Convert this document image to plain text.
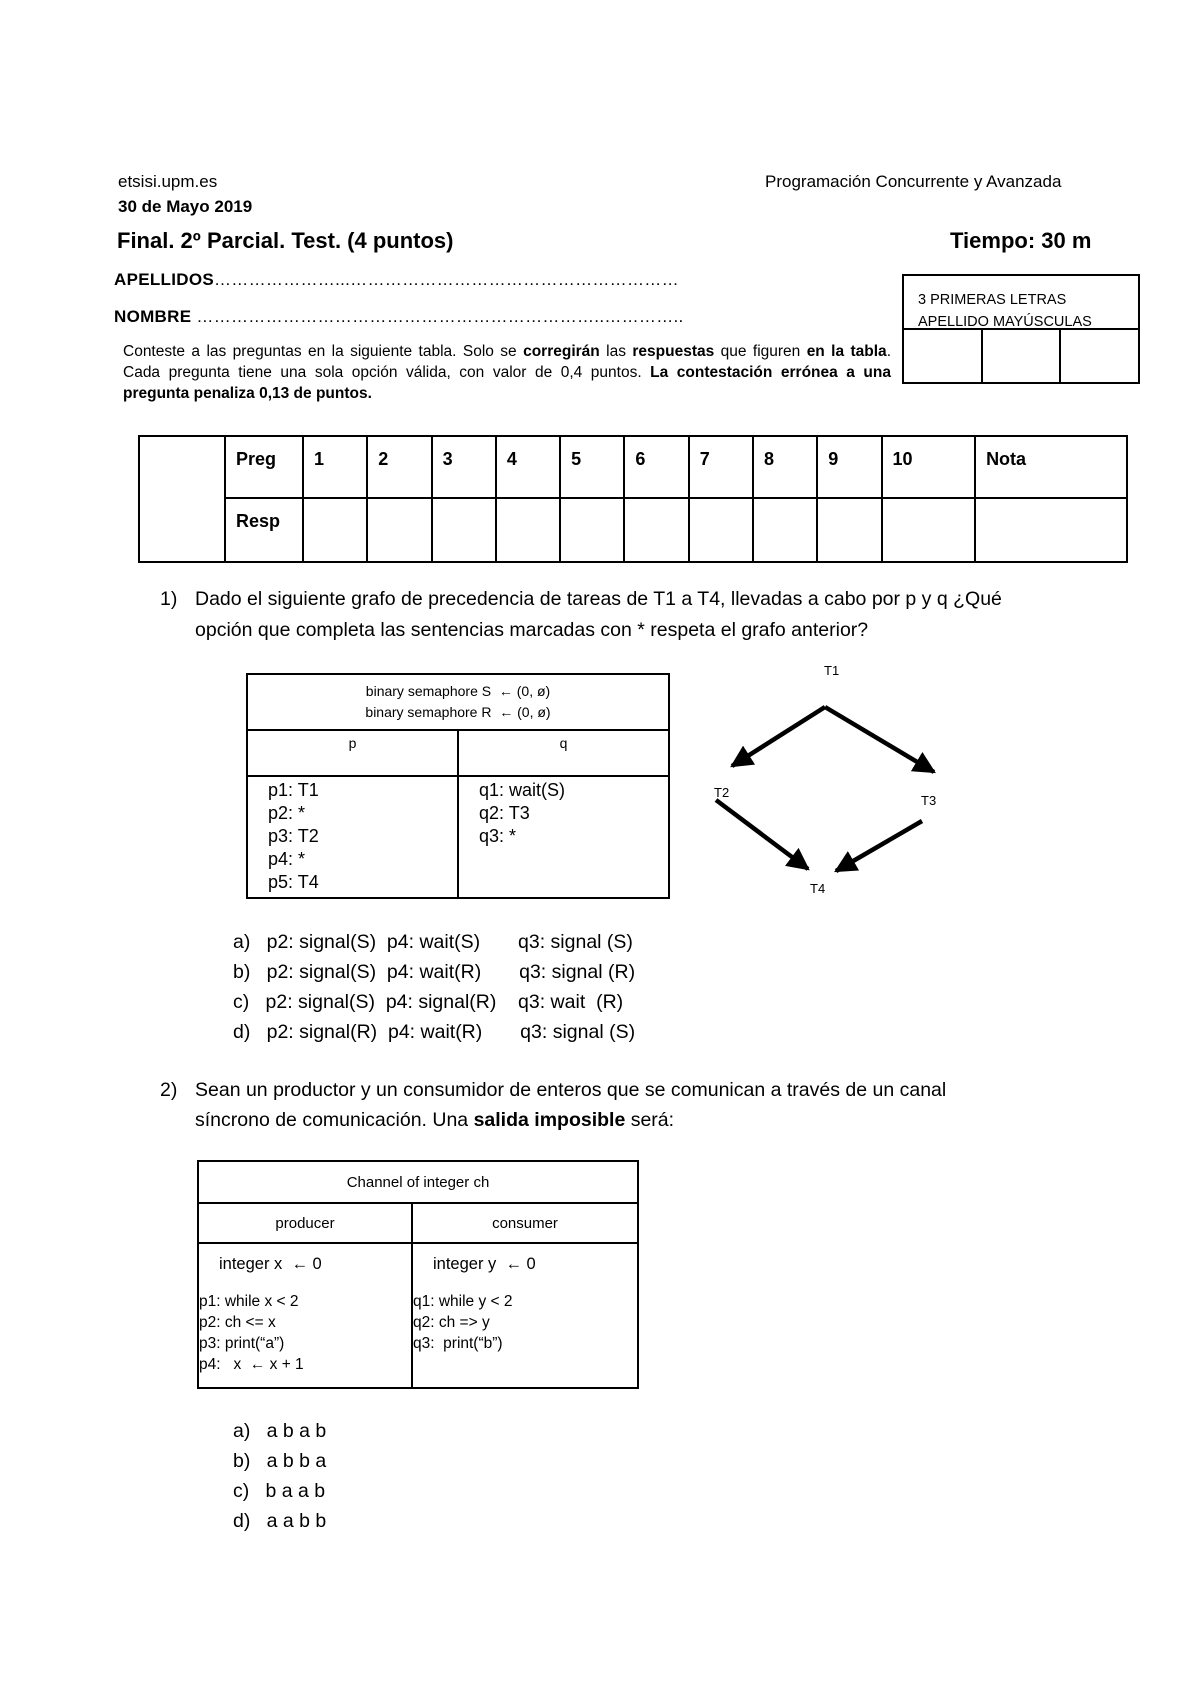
etsisi.upm.es	Programación Concurrente y Avanzada
30 de Mayo 2019
Final. 2º Parcial. Test. (4 puntos)	Tiempo: 30 m
APELLIDOS…………………...…………………………………………………
NOMBRE ……………………………………………………………..…………..
3 PRIMERAS LETRAS
APELLIDO MAYÚSCULAS
Conteste a las preguntas en la siguiente tabla. Solo se corregirán las respuestas que figuren en la tabla. Cada pregunta tiene una sola opción válida, con valor de 0,4 puntos. La contestación errónea a una pregunta penaliza 0,13 de puntos.
	Preg	1	2	3	4	5	6	7	8	9	10	Nota
	Resp											
1) Dado el siguiente grafo de precedencia de tareas de T1 a T4, llevadas a cabo por p y q ¿Qué
opción que completa las sentencias marcadas con * respeta el grafo anterior?
binary semaphore S  ← (0, ø)
binary semaphore R  ← (0, ø)	

p	q

p1: T1
p2: *
p3: T2
p4: *
p5: T4	q1: wait(S)
q2: T3
q3: *
T1
T2
T3
T4
a) p2: signal(S)  p4: wait(S)       q3: signal (S)
b) p2: signal(S)  p4: wait(R)       q3: signal (R)
c) p2: signal(S)  p4: signal(R)    q3: wait  (R)
d) p2: signal(R)  p4: wait(R)       q3: signal (S)
2) Sean un productor y un consumidor de enteros que se comunican a través de un canal
síncrono de comunicación. Una salida imposible será:
Channel of integer ch	
producer	consumer

integer x  ← 0
p1: while x < 2
p2: ch <= x
p3: print(“a”)
p4:   x  ← x + 1	integer y  ← 0
q1: while y < 2
q2: ch => y
q3:  print(“b”)
a) a b a b
b) a b b a
c) b a a b
d) a a b b
